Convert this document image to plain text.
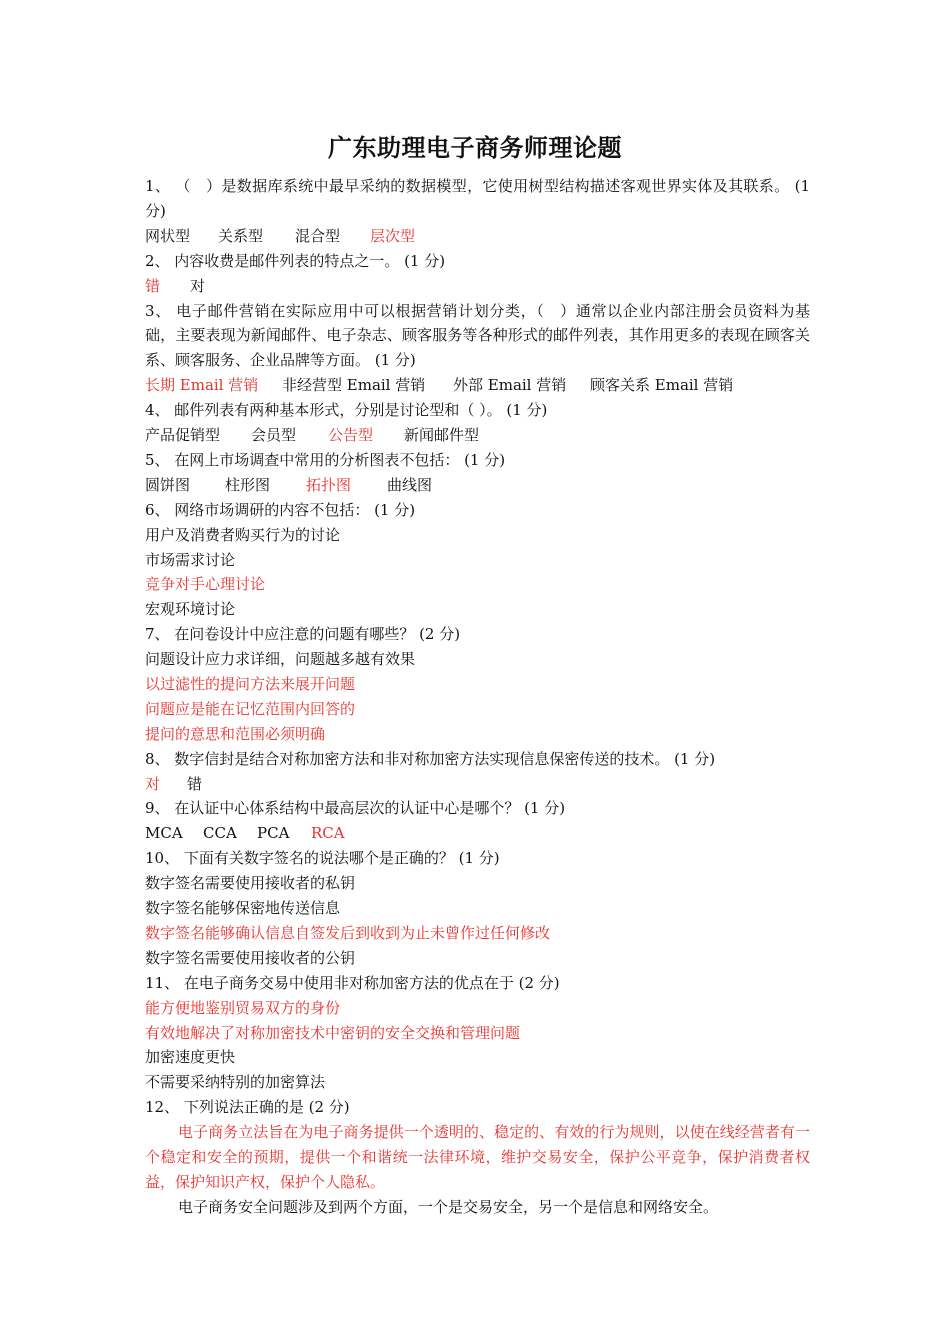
广东助理电子商务师理论题
1、 （　）是数据库系统中最早采纳的数据模型，它使用树型结构描述客观世界实体及其联系。 (1 分)
网状型 关系型 混合型 层次型
2、 内容收费是邮件列表的特点之一。 (1 分)
错 对
3、 电子邮件营销在实际应用中可以根据营销计划分类，（　）通常以企业内部注册会员资料为基础，主要表现为新闻邮件、电子杂志、顾客服务等各种形式的邮件列表，其作用更多的表现在顾客关系、顾客服务、企业品牌等方面。 (1 分)
长期 Email 营销 非经营型 Email 营销 外部 Email 营销 顾客关系 Email 营销
4、 邮件列表有两种基本形式，分别是讨论型和（ ）。 (1 分)
产品促销型 会员型 公告型 新闻邮件型
5、 在网上市场调查中常用的分析图表不包括： (1 分)
圆饼图 柱形图 拓扑图 曲线图
6、 网络市场调研的内容不包括： (1 分)
用户及消费者购买行为的讨论
市场需求讨论
竞争对手心理讨论
宏观环境讨论
7、 在问卷设计中应注意的问题有哪些？ (2 分)
问题设计应力求详细，问题越多越有效果
以过滤性的提问方法来展开问题
问题应是能在记忆范围内回答的
提问的意思和范围必须明确
8、 数字信封是结合对称加密方法和非对称加密方法实现信息保密传送的技术。 (1 分)
对 错
9、 在认证中心体系结构中最高层次的认证中心是哪个？ (1 分)
MCA CCA PCA RCA
10、 下面有关数字签名的说法哪个是正确的？ (1 分)
数字签名需要使用接收者的私钥
数字签名能够保密地传送信息
数字签名能够确认信息自签发后到收到为止未曾作过任何修改
数字签名需要使用接收者的公钥
11、 在电子商务交易中使用非对称加密方法的优点在于 (2 分)
能方便地鉴别贸易双方的身份
有效地解决了对称加密技术中密钥的安全交换和管理问题
加密速度更快
不需要采纳特别的加密算法
12、 下列说法正确的是 (2 分)
电子商务立法旨在为电子商务提供一个透明的、稳定的、有效的行为规则，以使在线经营者有一个稳定和安全的预期，提供一个和谐统一法律环境，维护交易安全，保护公平竞争，保护消费者权益，保护知识产权，保护个人隐私。
电子商务安全问题涉及到两个方面，一个是交易安全，另一个是信息和网络安全。
